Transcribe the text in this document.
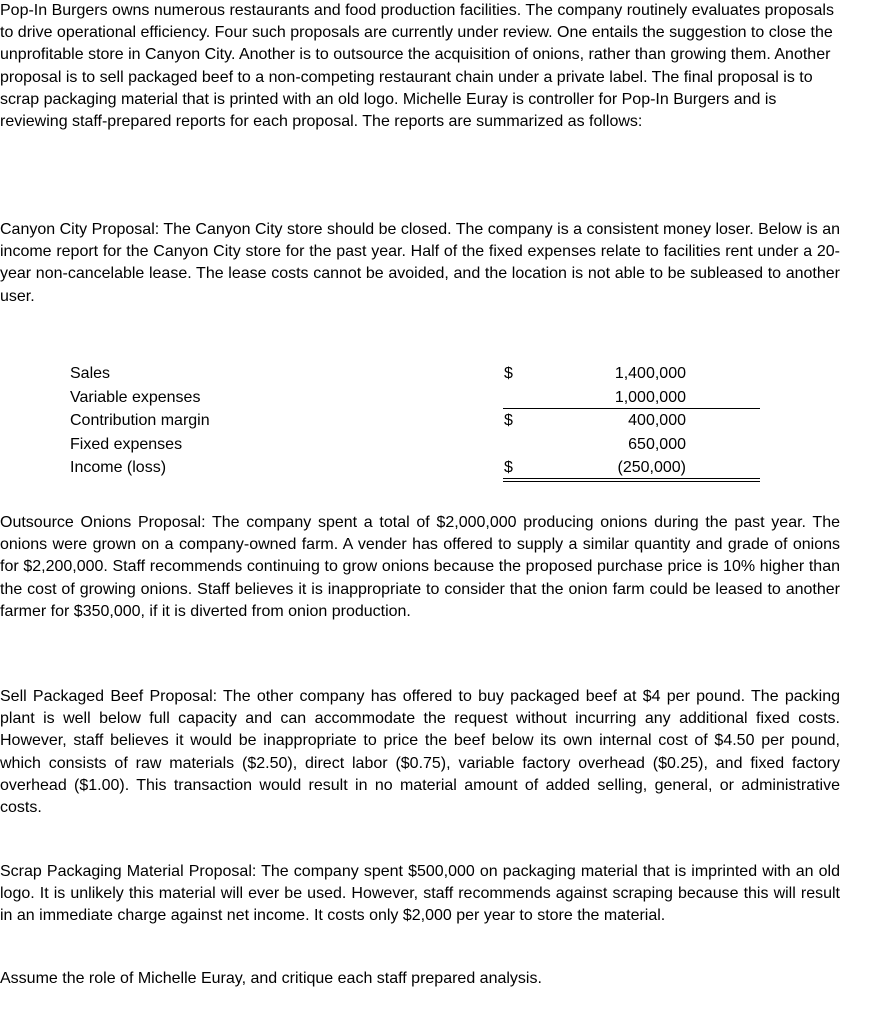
Pop-In Burgers owns numerous restaurants and food production facilities. The company routinely evaluates proposals to drive operational efficiency. Four such proposals are currently under review. One entails the suggestion to close the unprofitable store in Canyon City. Another is to outsource the acquisition of onions, rather than growing them. Another proposal is to sell packaged beef to a non-competing restaurant chain under a private label. The final proposal is to scrap packaging material that is printed with an old logo. Michelle Euray is controller for Pop-In Burgers and is reviewing staff-prepared reports for each proposal. The reports are summarized as follows:

Canyon City Proposal: The Canyon City store should be closed. The company is a consistent money loser. Below is an income report for the Canyon City store for the past year. Half of the fixed expenses relate to facilities rent under a 20-year non-cancelable lease. The lease costs cannot be avoided, and the location is not able to be subleased to another user.

Sales	$	1,400,000
Variable expenses	1,000,000
Contribution margin	$	400,000
Fixed expenses	650,000
Income (loss)	$	(250,000)

Outsource Onions Proposal: The company spent a total of $2,000,000 producing onions during the past year. The onions were grown on a company-owned farm. A vender has offered to supply a similar quantity and grade of onions for $2,200,000. Staff recommends continuing to grow onions because the proposed purchase price is 10% higher than the cost of growing onions. Staff believes it is inappropriate to consider that the onion farm could be leased to another farmer for $350,000, if it is diverted from onion production.

Sell Packaged Beef Proposal: The other company has offered to buy packaged beef at $4 per pound. The packing plant is well below full capacity and can accommodate the request without incurring any additional fixed costs. However, staff believes it would be inappropriate to price the beef below its own internal cost of $4.50 per pound, which consists of raw materials ($2.50), direct labor ($0.75), variable factory overhead ($0.25), and fixed factory overhead ($1.00). This transaction would result in no material amount of added selling, general, or administrative costs.

Scrap Packaging Material Proposal: The company spent $500,000 on packaging material that is imprinted with an old logo. It is unlikely this material will ever be used. However, staff recommends against scraping because this will result in an immediate charge against net income. It costs only $2,000 per year to store the material.

Assume the role of Michelle Euray, and critique each staff prepared analysis.
